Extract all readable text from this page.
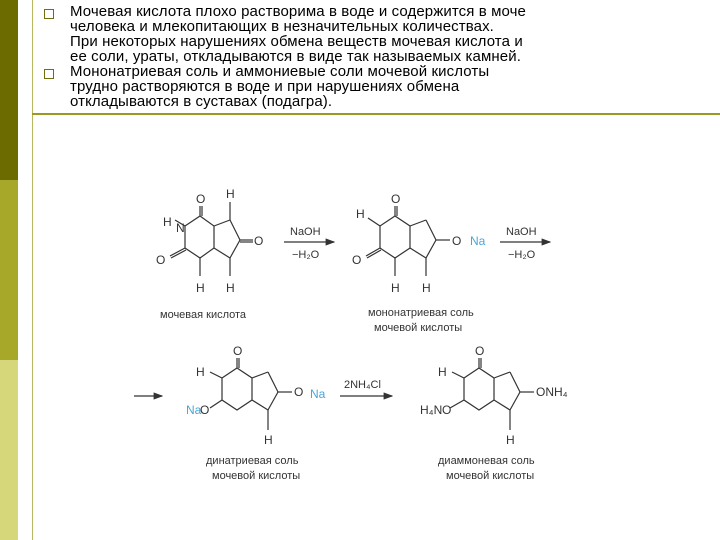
Мочевая кислота плохо растворима в воде и содержится в моче
человека и млекопитающих в незначительных количествах.
При некоторых нарушениях обмена веществ мочевая кислота и
ее соли, ураты, откладываются в виде так называемых камней.
Мононатриевая соль и аммониевые соли мочевой кислоты
трудно растворяются в воде и при нарушениях обмена
откладываются в суставах (подагра).
H
O
H N
O
O
H H
NaOH
−H₂O
O
H
O
O Na
H H
NaOH
−H₂O
мочевая кислота	мононатриевая соль
мочевой кислоты
O
H
O Na
Na
O
H
2NH₄Cl
O
H
ONH₄
H₄N O
H
динатриевая соль
мочевой кислоты
диаммоневая соль
мочевой кислоты
